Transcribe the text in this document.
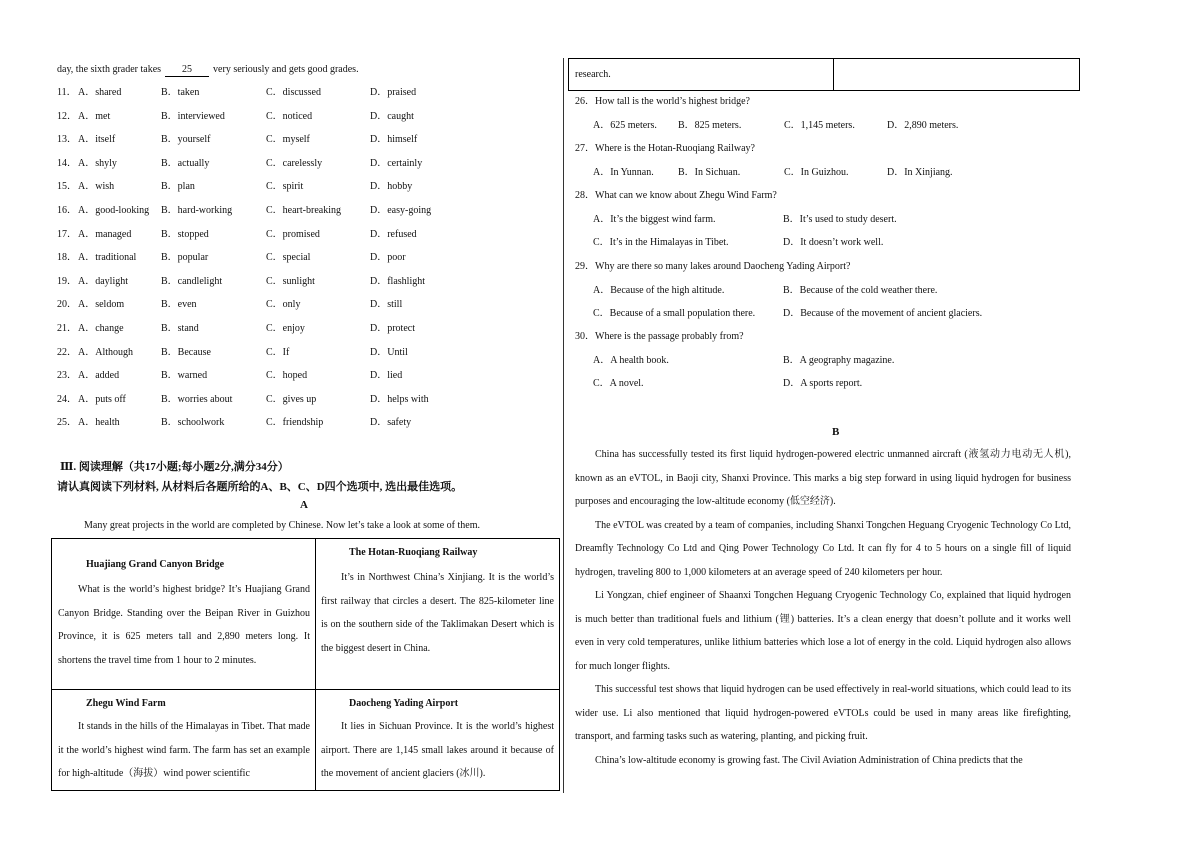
day, the sixth grader takes 25 very seriously and gets good grades.
11． A．shared	B．taken	C．discussed	D．praised
12． A．met	B．interviewed	C．noticed	D．caught
13． A．itself	B．yourself	C．myself	D．himself
14． A．shyly	B．actually	C．carelessly	D．certainly
15． A．wish	B．plan	C．spirit	D．hobby
16． A．good-looking B．hard-working	C．heart-breaking	D．easy-going
17． A．managed	B．stopped	C．promised	D．refused
18． A．traditional B．popular	C．special	D．poor
19． A．daylight	B．candlelight	C．sunlight	D．flashlight
20． A．seldom	B．even	C．only	D．still
21． A．change	B．stand	C．enjoy	D．protect
22． A．Although	B．Because	C．If	D．Until
23． A．added	B．warned	C．hoped	D．lied
24． A．puts off	B．worries about	C．gives up	D．helps with
25． A．health	B．schoolwork	C．friendship	D．safety
Ⅲ. 阅读理解（共17小题;每小题2分,满分34分）
请认真阅读下列材料, 从材料后各题所给的A、B、C、D四个选项中, 选出最佳选项。
A
Many great projects in the world are completed by Chinese. Now let’s take a look at some of them.
Huajiang Grand Canyon Bridge
What is the world’s highest bridge? It’s Huajiang Grand Canyon Bridge. Standing over the Beipan River in Guizhou Province, it is 625 meters tall and 2,890 meters long. It shortens the travel time from 1 hour to 2 minutes.
The Hotan-Ruoqiang Railway
It’s in Northwest China’s Xinjiang. It is the world’s first railway that circles a desert. The 825-kilometer line is on the southern side of the Taklimakan Desert which is the biggest desert in China.
Zhegu Wind Farm
It stands in the hills of the Himalayas in Tibet. That made it the world’s highest wind farm. The farm has set an example for high-altitude（海拔）wind power scientific
Daocheng Yading Airport
It lies in Sichuan Province. It is the world’s highest airport. There are 1,145 small lakes around it because of the movement of ancient glaciers (冰川).
research.
26．How tall is the world’s highest bridge?
A．625 meters. B．825 meters.	C．1,145 meters.	D．2,890 meters.
27．Where is the Hotan-Ruoqiang Railway?
A．In Yunnan. B．In Sichuan.	C．In Guizhou.	D．In Xinjiang.
28．What can we know about Zhegu Wind Farm?
A．It’s the biggest wind farm.	B．It’s used to study desert.
C．It’s in the Himalayas in Tibet.	D．It doesn’t work well.
29．Why are there so many lakes around Daocheng Yading Airport?
A．Because of the high altitude.	B．Because of the cold weather there.
C．Because of a small population there.	D．Because of the movement of ancient glaciers.
30．Where is the passage probably from?
A．A health book.	B．A geography magazine.
C．A novel.	D．A sports report.
B

China has successfully tested its first liquid hydrogen-powered electric unmanned aircraft (液氢动力电动无人机), known as an eVTOL, in Baoji city, Shanxi Province. This marks a big step forward in using liquid hydrogen for business purposes and encouraging the low-altitude economy (低空经济).

The eVTOL was created by a team of companies, including Shanxi Tongchen Heguang Cryogenic Technology Co Ltd, Dreamfly Technology Co Ltd and Qing Power Technology Co Ltd. It can fly for 4 to 5 hours on a single fill of liquid hydrogen, traveling 800 to 1,000 kilometers at an average speed of 240 kilometers per hour.

Li Yongzan, chief engineer of Shaanxi Tongchen Heguang Cryogenic Technology Co, explained that liquid hydrogen is much better than traditional fuels and lithium (锂) batteries. It’s a clean energy that doesn’t pollute and it works well even in very cold temperatures, unlike lithium batteries which lose a lot of energy in the cold. Liquid hydrogen also allows for much longer flights.

This successful test shows that liquid hydrogen can be used effectively in real-world situations, which could lead to its wider use. Li also mentioned that liquid hydrogen-powered eVTOLs could be used in many areas like firefighting, transport, and farming tasks such as watering, planting, and picking fruit.

China’s low-altitude economy is growing fast. The Civil Aviation Administration of China predicts that the
